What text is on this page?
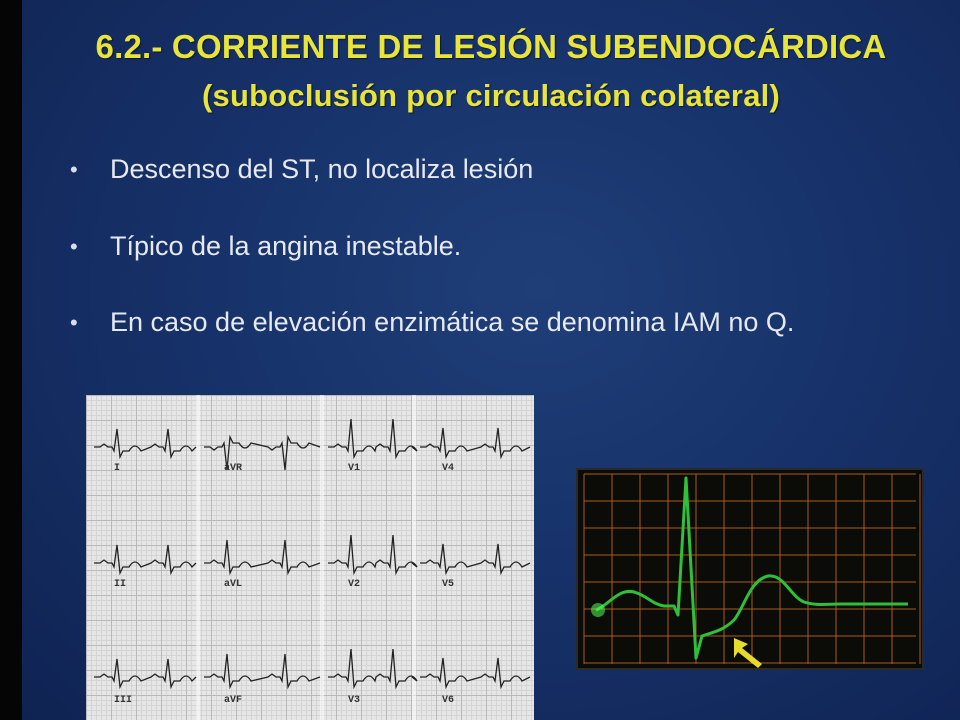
6.2.- CORRIENTE DE LESIÓN SUBENDOCÁRDICA
(suboclusión por circulación colateral)
•	Descenso del ST, no localiza lesión
•	Típico de la angina inestable.
•	En caso de elevación enzimática se denomina IAM no Q.
I	aVR	V1	V4
II	aVL	V2	V5
III	aVF	V3	V6
